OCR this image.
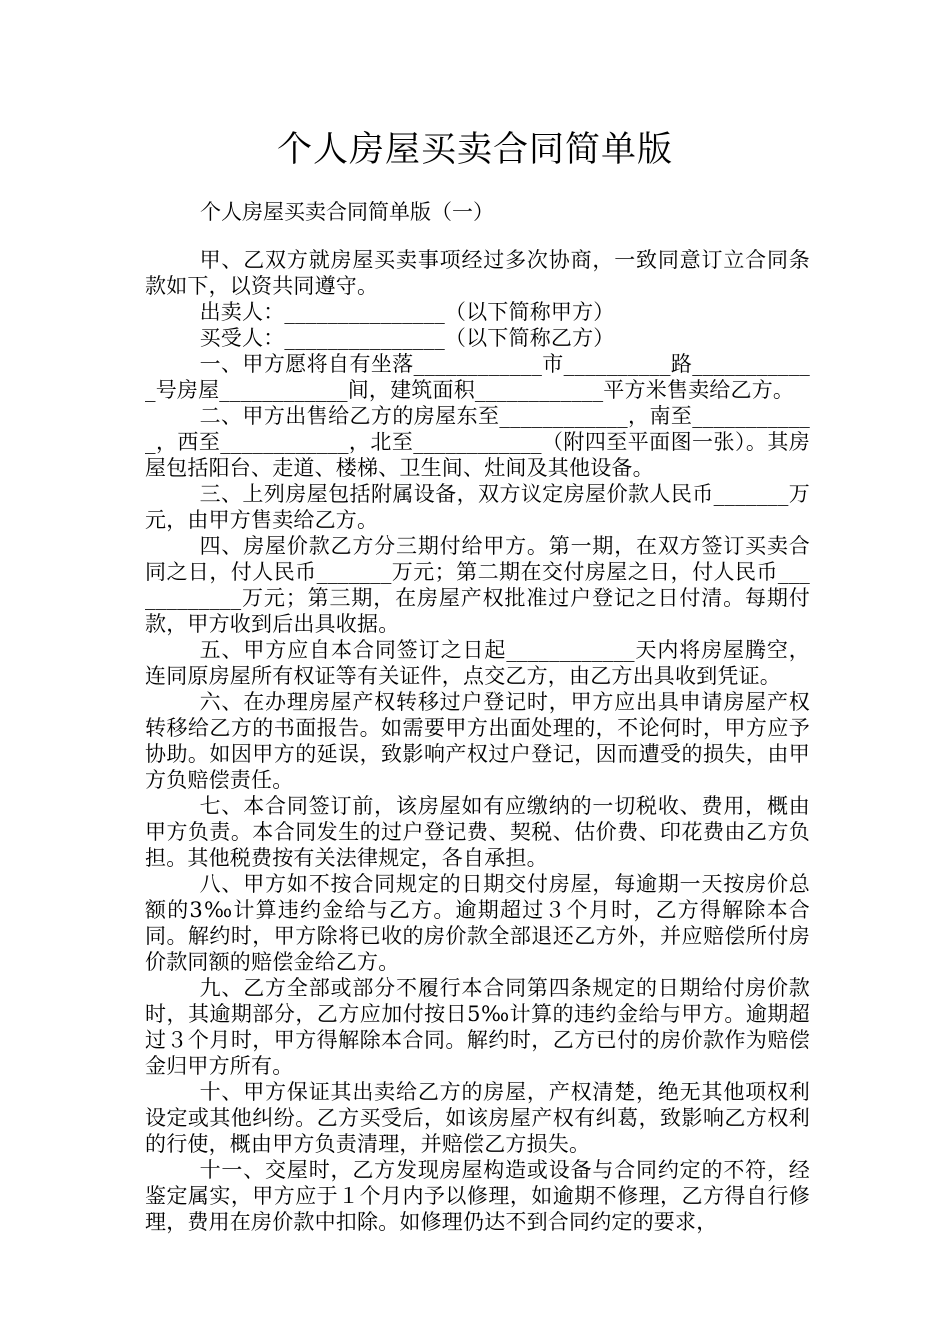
个人房屋买卖合同简单版
个人房屋买卖合同简单版（一）

甲、乙双方就房屋买卖事项经过多次协商，一致同意订立合同条款如下，以资共同遵守。

出卖人：_______________（以下简称甲方）

买受人：_______________（以下简称乙方）

一、甲方愿将自有坐落____________市__________路____________号房屋____________间，建筑面积____________平方米售卖给乙方。

二、甲方出售给乙方的房屋东至____________，南至____________，西至____________，北至____________（附四至平面图一张）。其房屋包括阳台、走道、楼梯、卫生间、灶间及其他设备。

三、上列房屋包括附属设备，双方议定房屋价款人民币_______万元，由甲方售卖给乙方。

四、房屋价款乙方分三期付给甲方。第一期，在双方签订买卖合同之日，付人民币_______万元；第二期在交付房屋之日，付人民币____________万元；第三期，在房屋产权批准过户登记之日付清。每期付款，甲方收到后出具收据。

五、甲方应自本合同签订之日起____________天内将房屋腾空，连同原房屋所有权证等有关证件，点交乙方，由乙方出具收到凭证。

六、在办理房屋产权转移过户登记时，甲方应出具申请房屋产权转移给乙方的书面报告。如需要甲方出面处理的，不论何时，甲方应予协助。如因甲方的延误，致影响产权过户登记，因而遭受的损失，由甲方负赔偿责任。

七、本合同签订前，该房屋如有应缴纳的一切税收、费用，概由甲方负责。本合同发生的过户登记费、契税、估价费、印花费由乙方负担。其他税费按有关法律规定，各自承担。

八、甲方如不按合同规定的日期交付房屋，每逾期一天按房价总额的3‰计算违约金给与乙方。逾期超过３个月时，乙方得解除本合同。解约时，甲方除将已收的房价款全部退还乙方外，并应赔偿所付房价款同额的赔偿金给乙方。

九、乙方全部或部分不履行本合同第四条规定的日期给付房价款时，其逾期部分，乙方应加付按日5‰计算的违约金给与甲方。逾期超过３个月时，甲方得解除本合同。解约时，乙方已付的房价款作为赔偿金归甲方所有。

十、甲方保证其出卖给乙方的房屋，产权清楚，绝无其他项权利设定或其他纠纷。乙方买受后，如该房屋产权有纠葛，致影响乙方权利的行使，概由甲方负责清理，并赔偿乙方损失。

十一、交屋时，乙方发现房屋构造或设备与合同约定的不符，经鉴定属实，甲方应于１个月内予以修理，如逾期不修理，乙方得自行修理，费用在房价款中扣除。如修理仍达不到合同约定的要求，
